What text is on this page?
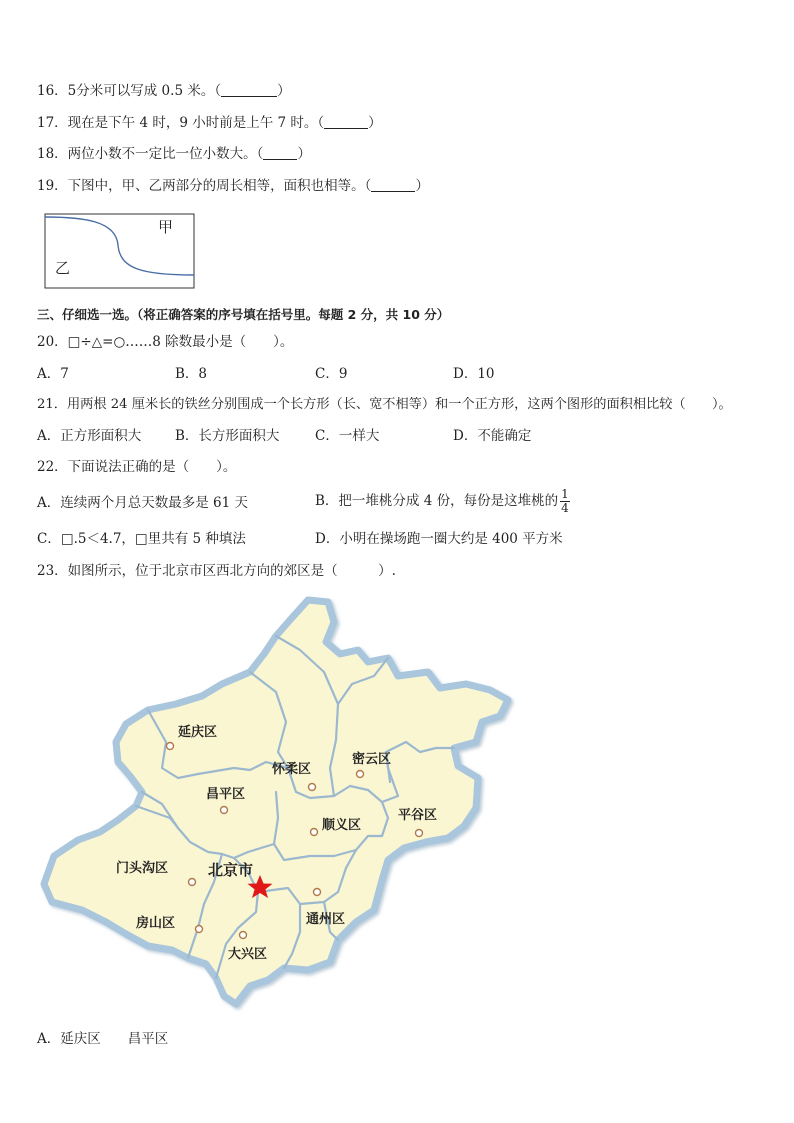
16．5分米可以写成 0.5 米。（	）
17．现在是下午 4 时，9 小时前是上午 7 时。（	）
18．两位小数不一定比一位小数大。（	）
19．下图中，甲、乙两部分的周长相等，面积也相等。（	）
甲
乙
三、仔细选一选。（将正确答案的序号填在括号里。每题 2 分，共 10 分）
20．□÷△=○……8 除数最小是（　　）。
A．7	B．8	C．9	D．10
21．用两根 24 厘米长的铁丝分别围成一个长方形（长、宽不相等）和一个正方形，这两个图形的面积相比较（　　）。
A．正方形面积大	B．长方形面积大	C．一样大	D．不能确定
22．下面说法正确的是（　　）。
A．连续两个月总天数最多是 61 天	B．把一堆桃分成 4 份，每份是这堆桃的 $\frac{1}{4}$
C．□.5＜4.7，□里共有 5 种填法	D．小明在操场跑一圈大约是 400 平方米
23．如图所示，位于北京市区西北方向的郊区是（　　　）.
延庆区
怀柔区
密云区
昌平区
平谷区
顺义区
门头沟区	北京市
房山区	通州区
大兴区
A．延庆区　　昌平区
